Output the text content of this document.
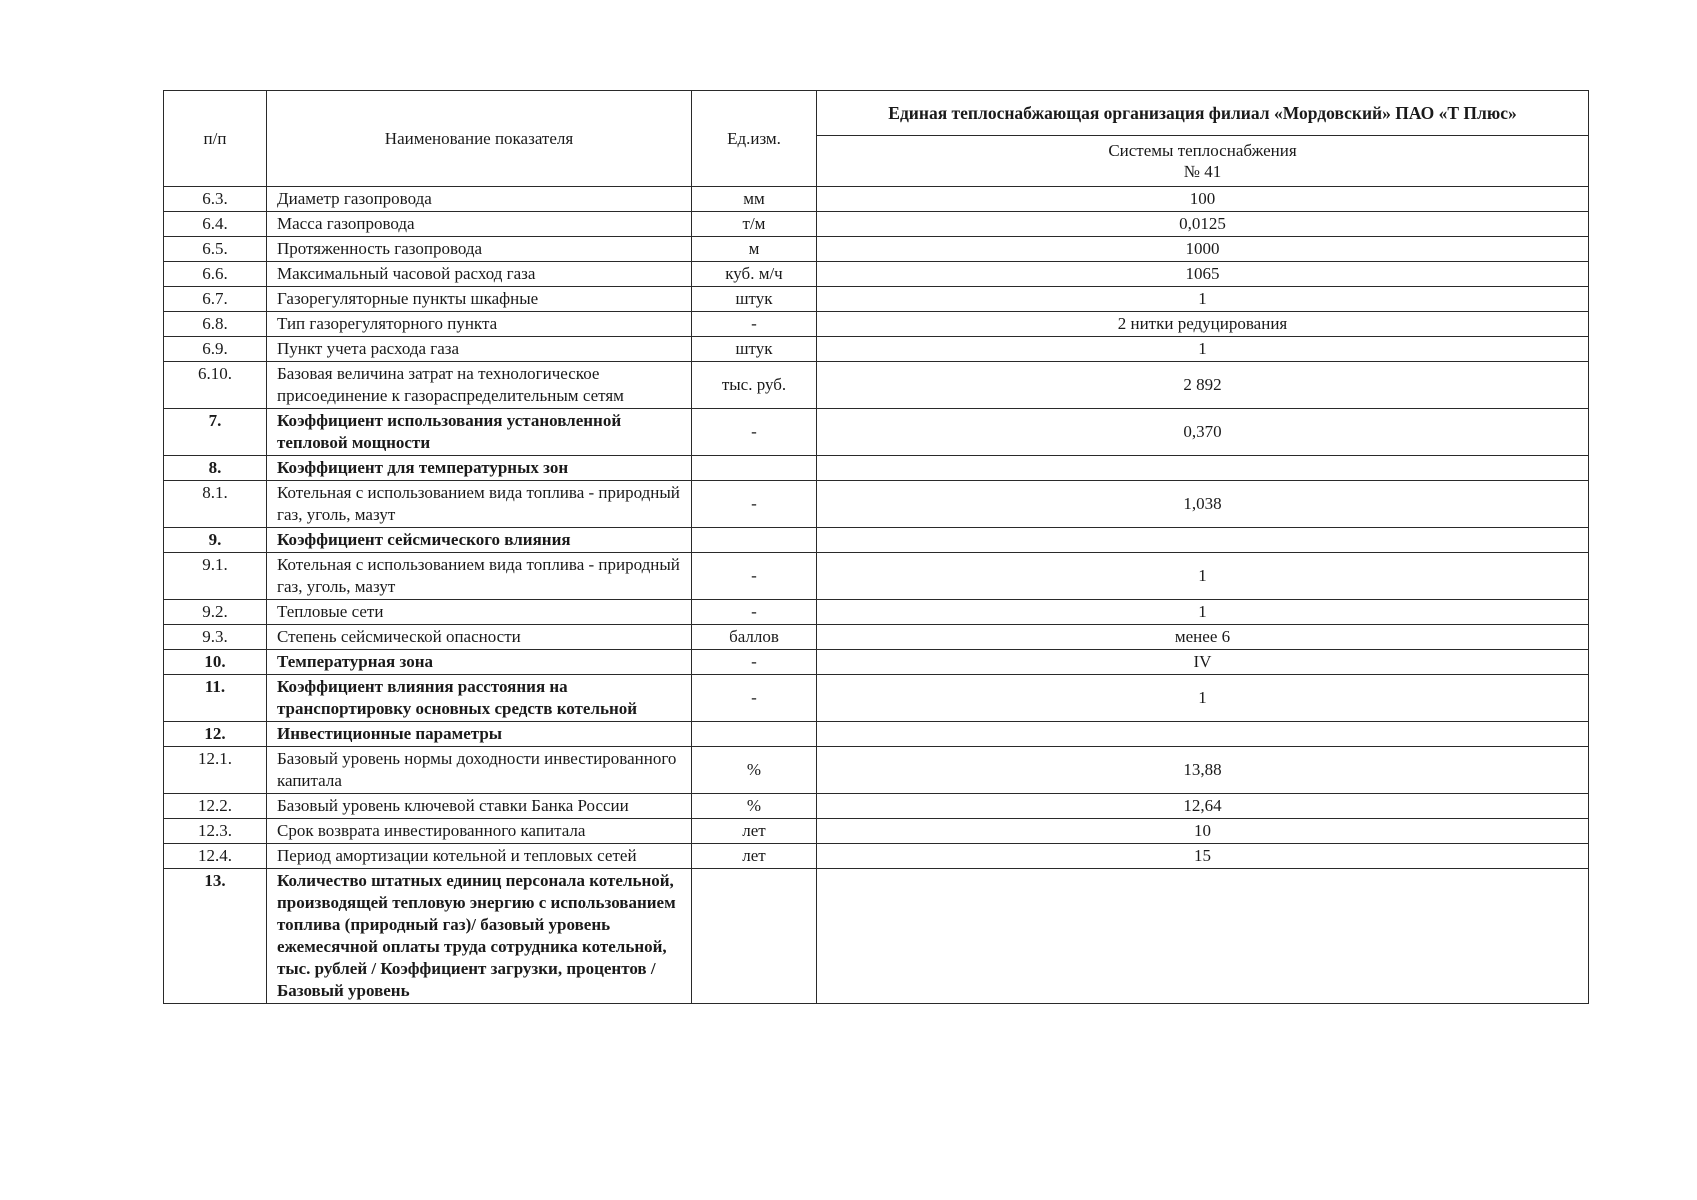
п/п	Наименование показателя	Ед.изм.	Единая теплоснабжающая организация филиал «Мордовский» ПАО «Т Плюс»

			Системы теплоснабжения
№ 41

6.3.	Диаметр газопровода	мм	100
6.4.	Масса газопровода	т/м	0,0125
6.5.	Протяженность газопровода	м	1000
6.6.	Максимальный часовой расход газа	куб. м/ч	1065
6.7.	Газорегуляторные пункты шкафные	штук	1
6.8.	Тип газорегуляторного пункта	-	2 нитки редуцирования
6.9.	Пункт учета расхода газа	штук	1
6.10.	Базовая величина затрат на технологическое присоединение к газораспределительным сетям	тыс. руб.	2 892
7.	Коэффициент использования установленной тепловой мощности	-	0,370
8.	Коэффициент для температурных зон		
8.1.	Котельная с использованием вида топлива - природный газ, уголь, мазут	-	1,038
9.	Коэффициент сейсмического влияния		
9.1.	Котельная с использованием вида топлива - природный газ, уголь, мазут	-	1
9.2.	Тепловые сети	-	1
9.3.	Степень сейсмической опасности	баллов	менее 6
10.	Температурная зона	-	IV
11.	Коэффициент влияния расстояния на транспортировку основных средств котельной	-	1
12.	Инвестиционные параметры		
12.1.	Базовый уровень нормы доходности инвестированного капитала	%	13,88
12.2.	Базовый уровень ключевой ставки Банка России	%	12,64
12.3.	Срок возврата инвестированного капитала	лет	10
12.4.	Период амортизации котельной и тепловых сетей	лет	15
13.	Количество штатных единиц персонала котельной, производящей тепловую энергию с использованием топлива (природный газ)/ базовый уровень ежемесячной оплаты труда сотрудника котельной, тыс. рублей / Коэффициент загрузки, процентов / Базовый уровень		
